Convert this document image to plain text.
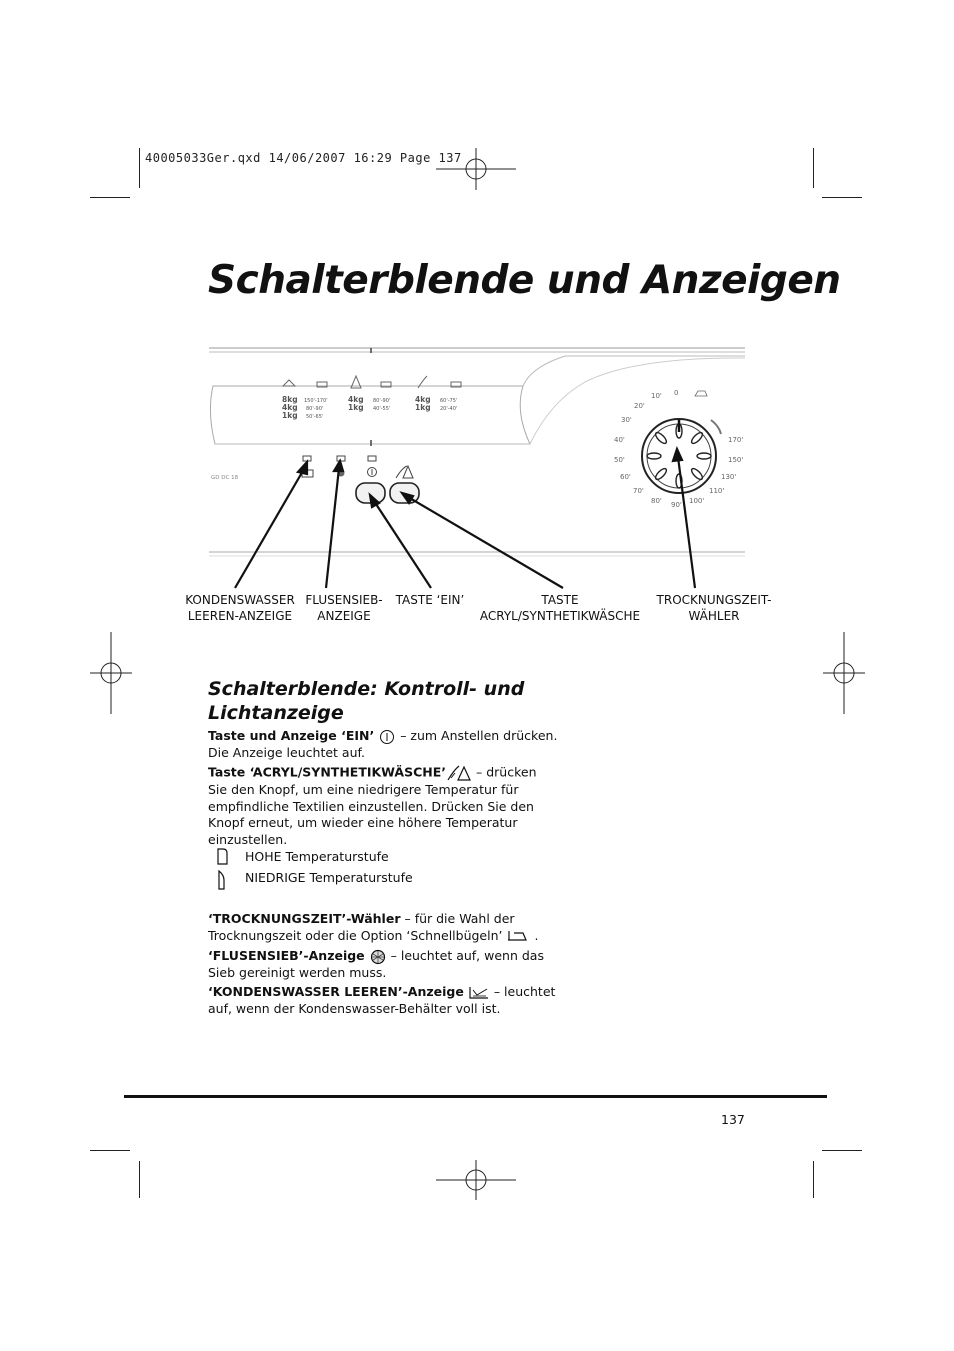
40005033Ger.qxd 14/06/2007 16:29 Page 137
Schalterblende und Anzeigen
8kg
4kg
1kg
150'-170'
80'-90'
50'-65'
4kg
1kg
80'-90'
40'-55'
4kg
1kg
60'-75'
20'-40'
GD DC 18
10' 0
20'
30'
40'
50'
60'
70'
80' 90' 100'
110'
130'
150'
170'
KONDENSWASSER
LEEREN-ANZEIGE
FLUSENSIEB-
ANZEIGE
TASTE ‘EIN’	TASTE
ACRYL/SYNTHETIKWÄSCHE
TROCKNUNGSZEIT-
WÄHLER
Schalterblende: Kontroll- und Lichtanzeige
Taste und Anzeige ‘EIN’ – zum Anstellen drücken.
Die Anzeige leuchtet auf.
Taste ‘ACRYL/SYNTHETIKWÄSCHE’ – drücken Sie den Knopf, um eine niedrigere Temperatur für empfindliche Textilien einzustellen. Drücken Sie den Knopf erneut, um wieder eine höhere Temperatur einzustellen.
HOHE Temperaturstufe
NIEDRIGE Temperaturstufe
‘TROCKNUNGSZEIT’-Wähler – für die Wahl der Trocknungszeit oder die Option ‘Schnellbügeln’	.
‘FLUSENSIEB’-Anzeige – leuchtet auf, wenn das Sieb gereinigt werden muss.
‘KONDENSWASSER LEEREN’-Anzeige – leuchtet auf, wenn der Kondenswasser-Behälter voll ist.
137
